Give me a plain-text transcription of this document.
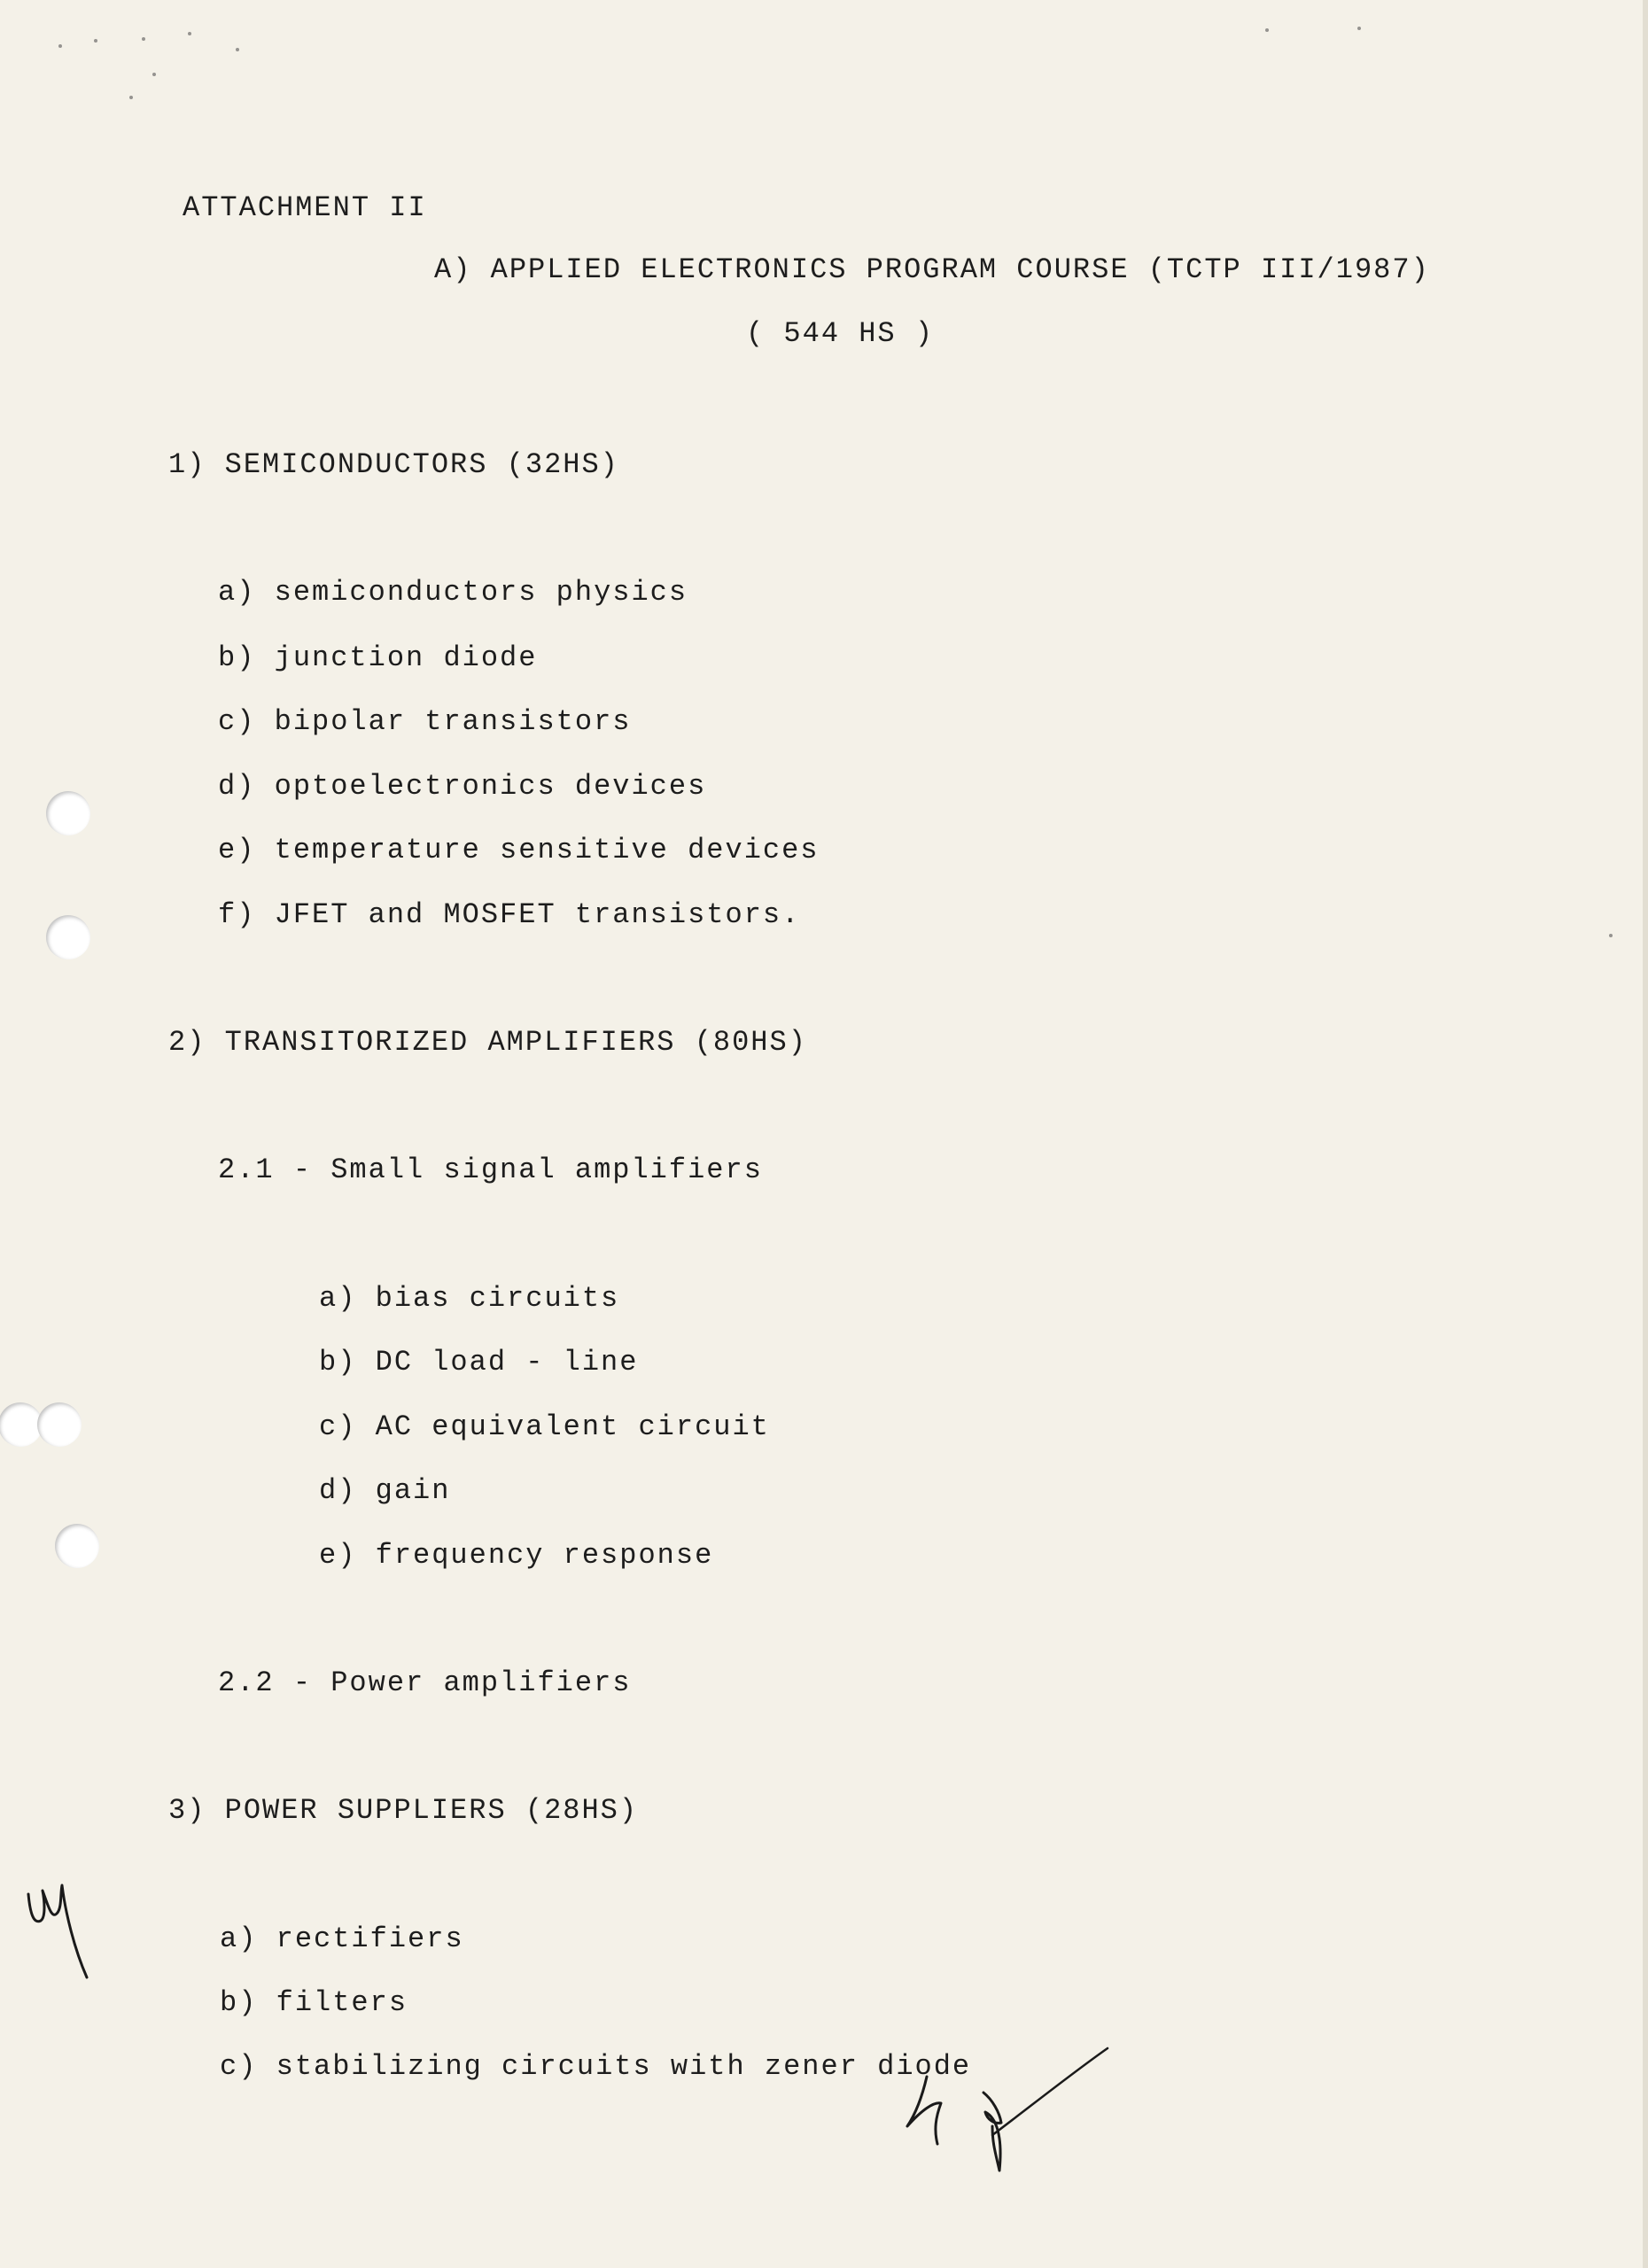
ATTACHMENT II
A) APPLIED ELECTRONICS PROGRAM COURSE (TCTP III/1987)
( 544 HS )
1) SEMICONDUCTORS (32HS)
a) semiconductors physics
b) junction diode
c) bipolar transistors
d) optoelectronics devices
e) temperature sensitive devices
f) JFET and MOSFET transistors.
2) TRANSITORIZED AMPLIFIERS (80HS)
2.1 - Small signal amplifiers
a) bias circuits
b) DC load - line
c) AC equivalent circuit
d) gain
e) frequency response
2.2 - Power amplifiers
3) POWER SUPPLIERS (28HS)
a) rectifiers
b) filters
c) stabilizing circuits with zener diode
